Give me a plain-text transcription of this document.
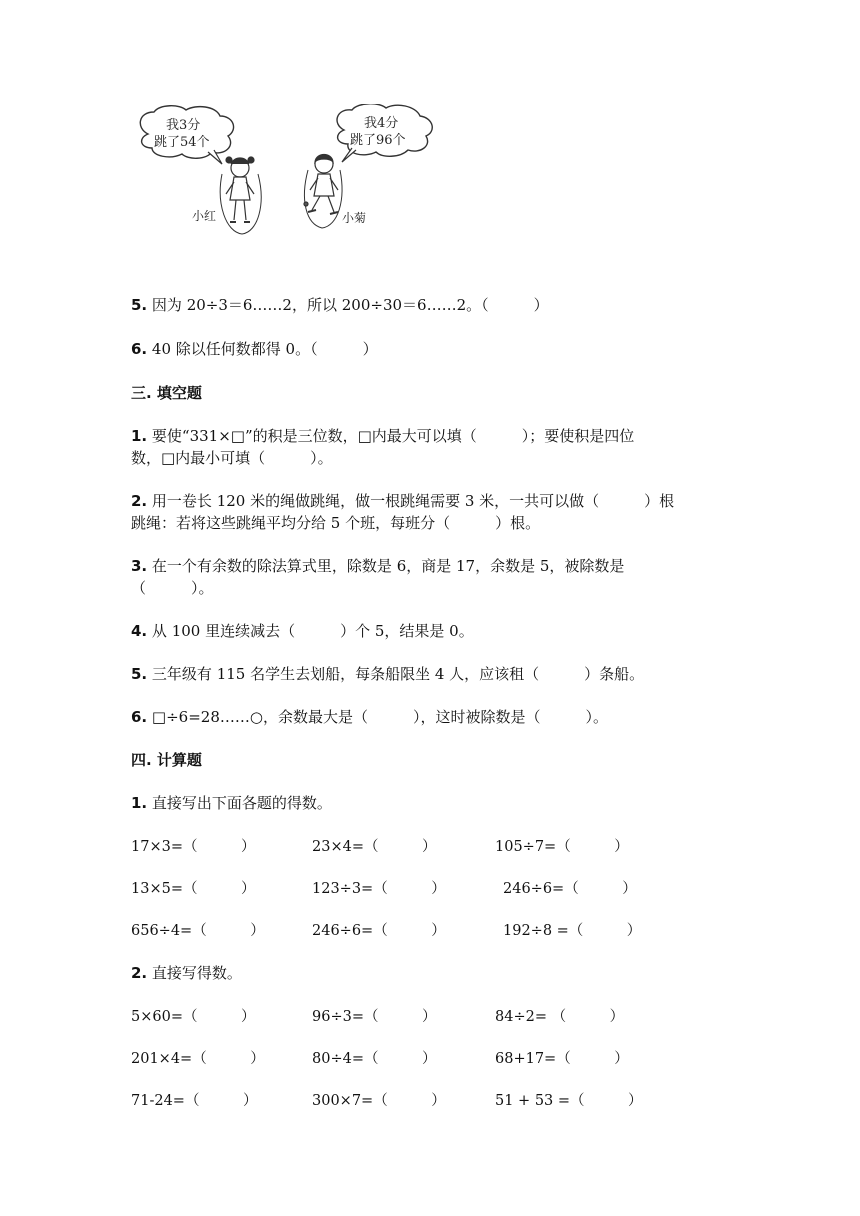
我3分
跳了54个
我4分
跳了96个
小红	小菊
5. 因为 20÷3＝6……2，所以 200÷30＝6……2。（　　　）
6. 40 除以任何数都得 0。（　　　）
三. 填空题
1. 要使“331×□”的积是三位数，□内最大可以填（　　　）；要使积是四位
数，□内最小可填（　　　）。
2. 用一卷长 120 米的绳做跳绳，做一根跳绳需要 3 米，一共可以做（　　　）根
跳绳：若将这些跳绳平均分给 5 个班，每班分（　　　）根。
3. 在一个有余数的除法算式里，除数是 6，商是 17，余数是 5，被除数是
（　　　）。
4. 从 100 里连续减去（　　　）个 5，结果是 0。
5. 三年级有 115 名学生去划船，每条船限坐 4 人，应该租（　　　）条船。
6. □÷6=28……○，余数最大是（　　　），这时被除数是（　　　）。
四. 计算题
1. 直接写出下面各题的得数。
17×3=（　　　）	23×4=（　　　）	105÷7=（　　　）
13×5=（　　　）	123÷3=（　　　）	246÷6=（　　　）
656÷4=（　　　）	246÷6=（　　　）	192÷8 =（　　　）
2. 直接写得数。
5×60=（　　　）	96÷3=（　　　）	84÷2= （　　　）
201×4=（　　　）	80÷4=（　　　）	68+17=（　　　）
71-24=（　　　）	300×7=（　　　）	51 + 53 =（　　　）
